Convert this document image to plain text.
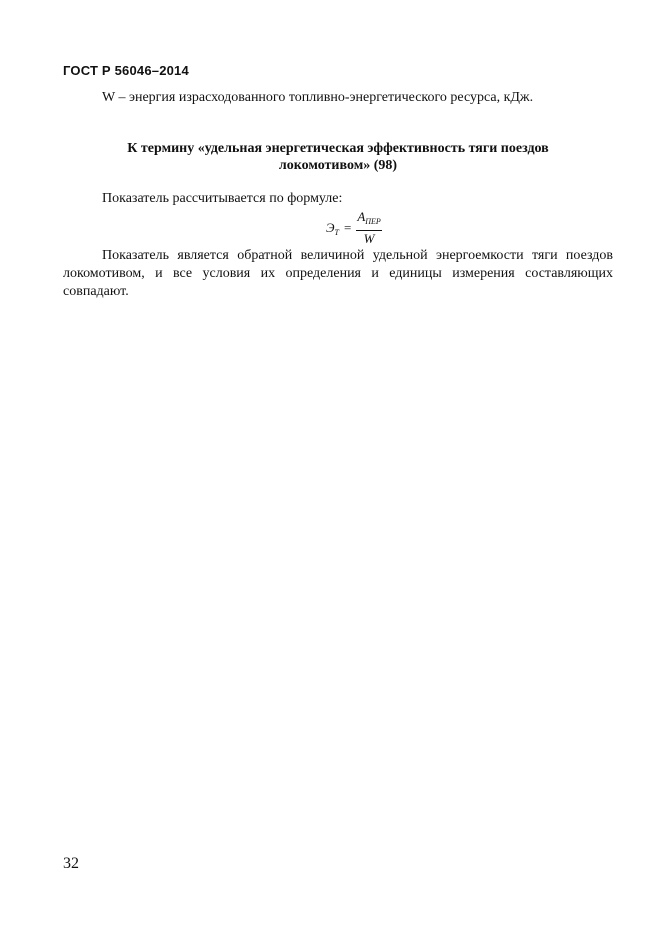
ГОСТ Р 56046–2014
W – энергия израсходованного топливно-энергетического ресурса, кДж.
К термину «удельная энергетическая эффективность тяги поездов
локомотивом» (98)
Показатель рассчитывается по формуле:
$Э_Т = \frac{A_{ПЕР}}{W}$

Показатель является обратной величиной удельной энергоемкости тяги поездов локомотивом, и все условия их определения и единицы измерения составляющих совпадают.

32
